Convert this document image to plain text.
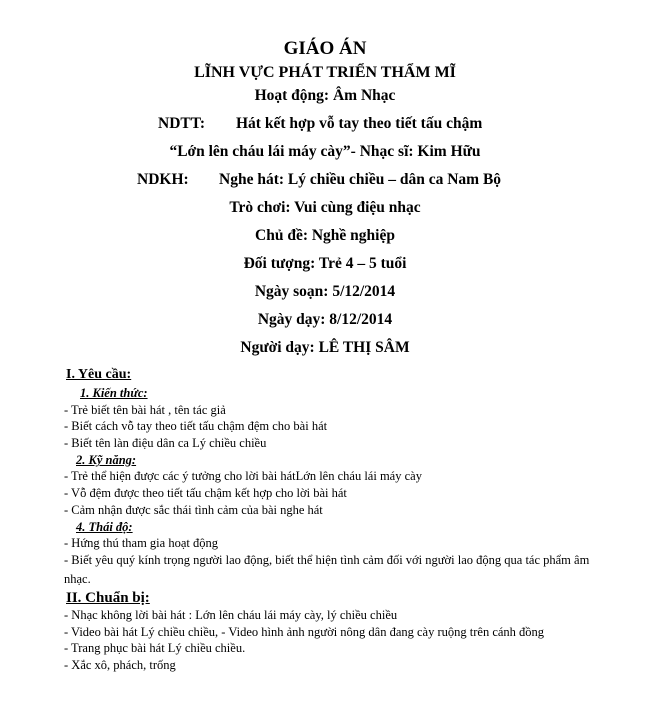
GIÁO ÁN
LĨNH VỰC PHÁT TRIỂN THẨM MĨ
Hoạt động: Âm Nhạc
NDTT: Hát kết hợp vỗ tay theo tiết tấu chậm
“Lớn lên cháu lái máy cày”- Nhạc sĩ: Kim Hữu
NDKH: Nghe hát: Lý chiều chiều – dân ca Nam Bộ
Trò chơi: Vui cùng điệu nhạc
Chủ đề: Nghề nghiệp
Đối tượng: Trẻ 4 – 5 tuổi
Ngày soạn: 5/12/2014
Ngày dạy: 8/12/2014
Người dạy: LÊ THỊ SÂM
I. Yêu cầu:
1. Kiến thức:
- Trẻ biết tên bài hát , tên tác giả
- Biết cách vỗ tay theo tiết tấu chậm đệm cho bài hát
- Biết tên làn điệu dân ca Lý chiều chiều
2. Kỹ năng:
- Trẻ thể hiện được các ý tưởng cho lời bài hátLớn lên cháu lái máy cày
- Vỗ đệm được theo tiết tấu chậm kết hợp cho lời bài hát
- Cảm nhận được sắc thái tình cảm của bài nghe hát
4. Thái độ:
- Hứng thú tham gia hoạt động
- Biết yêu quý kính trọng người lao động, biết thể hiện tình cảm đối với người lao động qua tác phẩm âm nhạc.
II. Chuẩn bị:
- Nhạc không lời bài hát : Lớn lên cháu lái máy cày, lý chiều chiều
- Video bài hát Lý chiều chiều, - Video hình ảnh người nông dân đang cày ruộng trên cánh đồng
- Trang phục bài hát Lý chiều chiều.
- Xắc xô, phách, trống
